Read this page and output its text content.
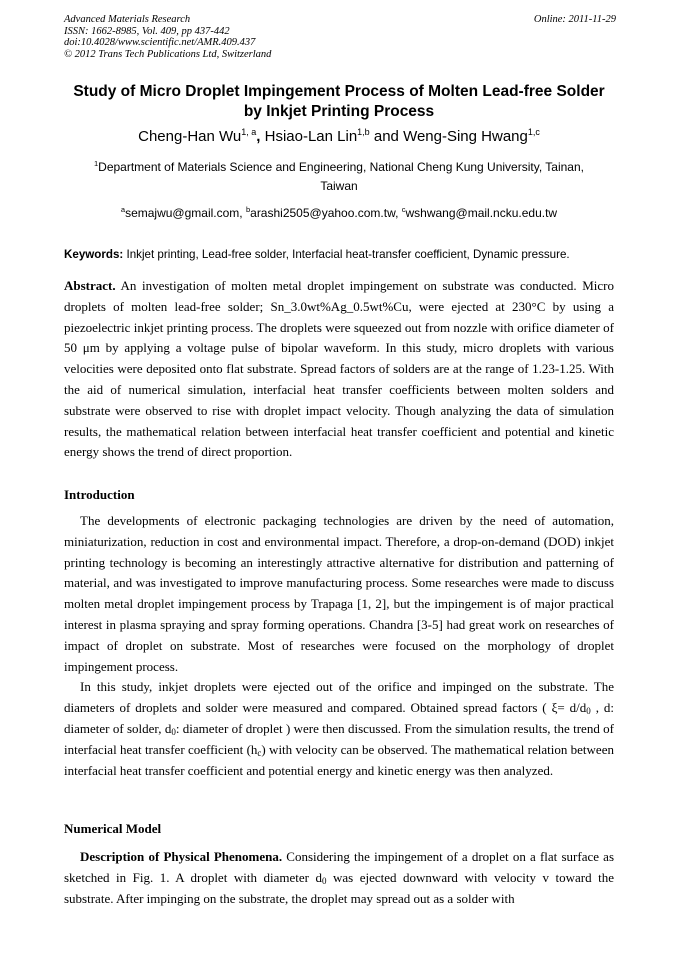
Advanced Materials Research
ISSN: 1662-8985, Vol. 409, pp 437-442
doi:10.4028/www.scientific.net/AMR.409.437
© 2012 Trans Tech Publications Ltd, Switzerland
Online: 2011-11-29
Study of Micro Droplet Impingement Process of Molten Lead-free Solder
by Inkjet Printing Process
Cheng-Han Wu$^{1, a}$, Hsiao-Lan Lin$^{1,b}$ and Weng-Sing Hwang$^{1,c}$
$^1$Department of Materials Science and Engineering, National Cheng Kung University, Tainan,
Taiwan
$^a$semajwu@gmail.com, $^b$arashi2505@yahoo.com.tw, $^c$wshwang@mail.ncku.edu.tw
Keywords: Inkjet printing, Lead-free solder, Interfacial heat-transfer coefficient, Dynamic pressure.
Abstract. An investigation of molten metal droplet impingement on substrate was conducted. Micro droplets of molten lead-free solder; Sn_3.0wt%Ag_0.5wt%Cu, were ejected at 230°C by using a piezoelectric inkjet printing process. The droplets were squeezed out from nozzle with orifice diameter of 50 μm by applying a voltage pulse of bipolar waveform. In this study, micro droplets with various velocities were deposited onto flat substrate. Spread factors of solders are at the range of 1.23-1.25. With the aid of numerical simulation, interfacial heat transfer coefficients between molten solders and substrate were observed to rise with droplet impact velocity. Though analyzing the data of simulation results, the mathematical relation between interfacial heat transfer coefficient and potential and kinetic energy shows the trend of direct proportion.
Introduction

The developments of electronic packaging technologies are driven by the need of automation, miniaturization, reduction in cost and environmental impact. Therefore, a drop-on-demand (DOD) inkjet printing technology is becoming an interestingly attractive alternative for distribution and patterning of material, and was investigated to improve manufacturing process. Some researches were made to discuss molten metal droplet impingement process by Trapaga [1, 2], but the impingement is of major practical interest in plasma spraying and spray forming operations. Chandra [3-5] had great work on researches of impact of droplet on substrate. Most of researches were focused on the morphology of droplet impingement process.

In this study, inkjet droplets were ejected out of the orifice and impinged on the substrate. The diameters of droplets and solder were measured and compared. Obtained spread factors ( $\xi= d/d_0$ , d: diameter of solder, $d_0$: diameter of droplet ) were then discussed. From the simulation results, the trend of interfacial heat transfer coefficient $(h_c)$ with velocity can be observed. The mathematical relation between interfacial heat transfer coefficient and potential energy and kinetic energy was then analyzed.

Numerical Model

Description of Physical Phenomena. Considering the impingement of a droplet on a flat surface as sketched in Fig. 1. A droplet with diameter $d_0$ was ejected downward with velocity v toward the substrate. After impinging on the substrate, the droplet may spread out as a solder with
